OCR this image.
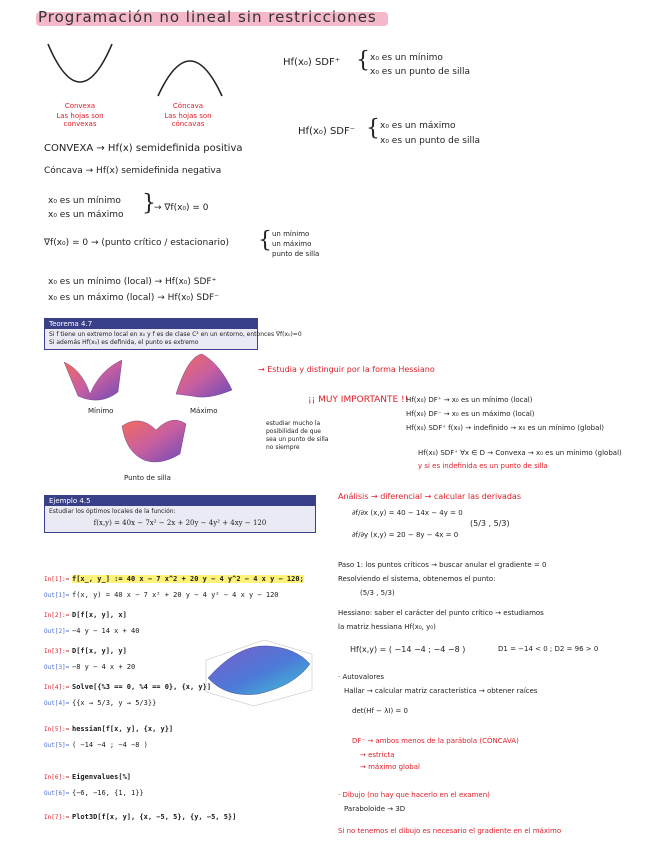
Programación no lineal sin restricciones
Convexa
Las hojas son convexas
Cóncava
Las hojas son cóncavas
Hf(x₀) SDF⁺ { x₀ es un mínimo
x₀ es un punto de silla
Hf(x₀) SDF⁻ { x₀ es un máximo
x₀ es un punto de silla
CONVEXA → Hf(x) semidefinida positiva
Cóncava → Hf(x) semidefinida negativa
x₀ es un mínimo
x₀ es un máximo {
→ ∇f(x₀) = 0
∇f(x₀) = 0 → (punto crítico / estacionario) { un mínimo
un máximo
punto de silla
x₀ es un mínimo (local) → Hf(x₀) SDF⁺
x₀ es un máximo (local) → Hf(x₀) SDF⁻
Teorema 4.7
Si f tiene un extremo local en x₀ y f es de clase C² en un entorno, entonces ∇f(x₀)=0
Si además Hf(x₀) es definida, el punto es extremo
Mínimo	Máximo
Punto de silla
→ Estudia y distinguir por la forma Hessiano
¡¡ MUY IMPORTANTE !!
estudiar mucho la
posibilidad de que
sea un punto de silla
no siempre
Hf(x₀) DF⁺ → x₀ es un mínimo (local)
Hf(x₀) DF⁻ → x₀ es un máximo (local)
Hf(x₀) SDF⁺ f(x₀) → indefinido → x₀ es un mínimo (global)
Hf(x₀) SDF⁺ ∀x ∈ D → Convexa → x₀ es un mínimo (global)
y si es indefinida es un punto de silla
Ejemplo 4.5
Estudiar los óptimos locales de la función:
f(x,y) = 40x − 7x² − 2x + 20y − 4y² + 4xy − 120
In[1]:= f[x_, y_] := 40 x − 7 x^2 + 20 y − 4 y^2 − 4 x y − 120;
Out[1]= f(x, y) = 40 x − 7 x² + 20 y − 4 y² − 4 x y − 120
In[2]:= D[f[x, y], x]
Out[2]= −4 y − 14 x + 40
In[3]:= D[f[x, y], y]
Out[3]= −8 y − 4 x + 20
In[4]:= Solve[{%3 == 0, %4 == 0}, {x, y}]
Out[4]= {{x → 5/3, y → 5/3}}
In[5]:= hessian[f[x, y], {x, y}]
Out[5]= ( −14 −4 ; −4 −8 )
In[6]:= Eigenvalues[%]
Out[6]= {−6, −16, {1, 1}}
In[7]:= Plot3D[f[x, y], {x, −5, 5}, {y, −5, 5}]
Análisis → diferencial → calcular las derivadas
∂f/∂x (x,y) = 40 − 14x − 4y = 0
∂f/∂y (x,y) = 20 − 8y − 4x = 0
(5/3 , 5/3)
Paso 1: los puntos críticos → buscar anular el gradiente = 0
Resolviendo el sistema, obtenemos el punto:
(5/3 , 5/3)
Hessiano: saber el carácter del punto crítico → estudiamos
la matriz hessiana Hf(x₀, y₀)
Hf(x,y) = ( −14 −4 ; −4 −8 )	D1 = −14 < 0 ; D2 = 96 > 0
· Autovalores
Hallar → calcular matriz característica → obtener raíces
det(Hf − λI) = 0
DF⁻ → ambos menos de la parábola (CÓNCAVA)
→ estricta
→ máximo global
· Dibujo (no hay que hacerlo en el examen)
Paraboloide → 3D
Si no tenemos el dibujo es necesario el gradiente en el máximo
